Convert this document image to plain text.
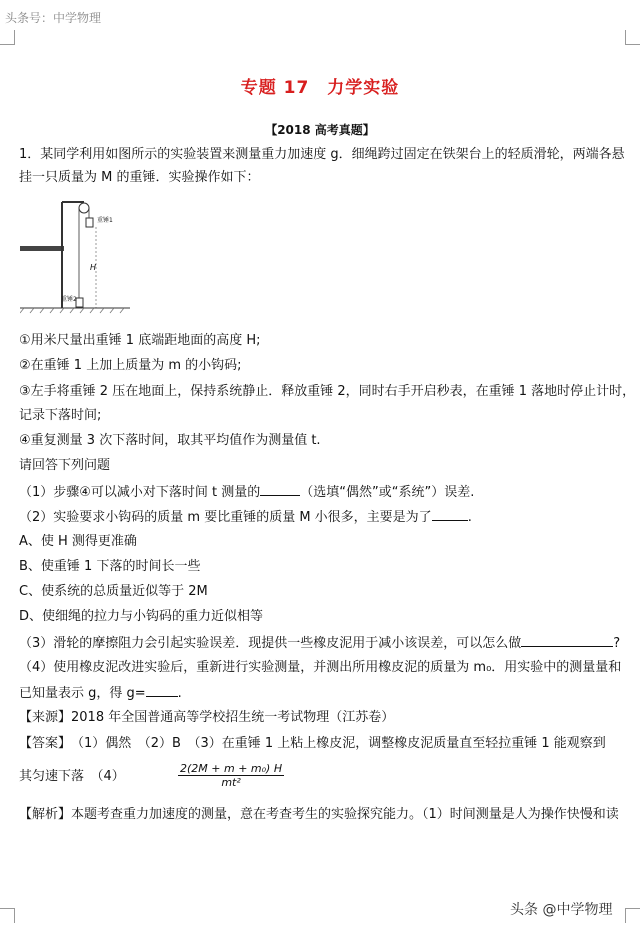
头条号：中学物理
专题 17　力学实验
【2018 高考真题】
1．某同学利用如图所示的实验装置来测量重力加速度 g．细绳跨过固定在铁架台上的轻质滑轮，两端各悬
挂一只质量为 M 的重锤．实验操作如下：
重锤1
重锤2
H
①用米尺量出重锤 1 底端距地面的高度 H;
②在重锤 1 上加上质量为 m 的小钩码;
③左手将重锤 2 压在地面上，保持系统静止．释放重锤 2，同时右手开启秒表，在重锤 1 落地时停止计时，
记录下落时间;
④重复测量 3 次下落时间，取其平均值作为测量值 t.
请回答下列问题
（1）步骤④可以减小对下落时间 t 测量的	（选填“偶然”或“系统”）误差.
（2）实验要求小钩码的质量 m 要比重锤的质量 M 小很多，主要是为了	.
A、使 H 测得更准确
B、使重锤 1 下落的时间长一些
C、使系统的总质量近似等于 2M
D、使细绳的拉力与小钩码的重力近似相等
（3）滑轮的摩擦阻力会引起实验误差．现提供一些橡皮泥用于减小该误差，可以怎么做	?
（4）使用橡皮泥改进实验后，重新进行实验测量，并测出所用橡皮泥的质量为 m₀．用实验中的测量量和
已知量表示 g，得 g= .
【来源】2018 年全国普通高等学校招生统一考试物理（江苏卷）
【答案】　（1）偶然　（2）B　（3）在重锤 1 上粘上橡皮泥，调整橡皮泥质量直至轻拉重锤 1 能观察到
其匀速下落　（4）	$\frac{\text{2(2M + m + m₀) H}}{\text{mt²}}$
【解析】本题考查重力加速度的测量，意在考查考生的实验探究能力。（1）时间测量是人为操作快慢和读
头条 @中学物理
